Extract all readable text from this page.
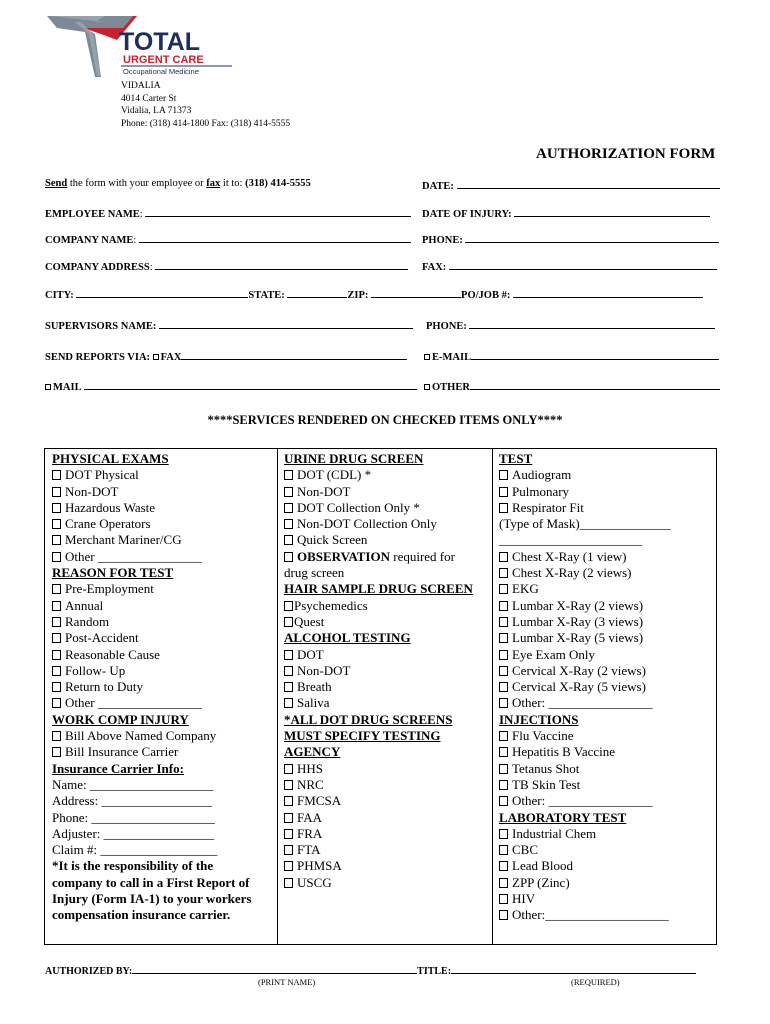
TOTAL
URGENT CARE
Occupational Medicine
VIDALIA
4014 Carter St
Vidalia, LA 71373
Phone: (318) 414-1800 Fax: (318) 414-5555
AUTHORIZATION FORM
Send the form with your employee or fax it to: (318) 414-5555	DATE:
EMPLOYEE NAME:	DATE OF INJURY:
COMPANY NAME:	PHONE:
COMPANY ADDRESS:	FAX:
CITY:	STATE:	ZIP:	PO/JOB #:
SUPERVISORS NAME:	PHONE:
SEND REPORTS VIA: FAX	E-MAIL
MAIL	OTHER
****SERVICES RENDERED ON CHECKED ITEMS ONLY****
PHYSICAL EXAMS
DOT Physical
Non-DOT
Hazardous Waste
Crane Operators
Merchant Mariner/CG
Other ________________
REASON FOR TEST
Pre-Employment
Annual
Random
Post-Accident
Reasonable Cause
Follow- Up
Return to Duty
Other ________________
WORK COMP INJURY
Bill Above Named Company
Bill Insurance Carrier
Insurance Carrier Info:
Name: ___________________
Address: _________________
Phone: ___________________
Adjuster: _________________
Claim #: __________________
*It is the responsibility of the
company to call in a First Report of
Injury (Form IA-1) to your workers
compensation insurance carrier.
URINE DRUG SCREEN
DOT (CDL) *
Non-DOT
DOT Collection Only *
Non-DOT Collection Only
Quick Screen
OBSERVATION required for
drug screen
HAIR SAMPLE DRUG SCREEN
Psychemedics
Quest
ALCOHOL TESTING
DOT
Non-DOT
Breath
Saliva
*ALL DOT DRUG SCREENS
MUST SPECIFY TESTING
AGENCY
HHS
NRC
FMCSA
FAA
FRA
FTA
PHMSA
USCG
TEST
Audiogram
Pulmonary
Respirator Fit
(Type of Mask)______________
______________________
Chest X-Ray (1 view)
Chest X-Ray (2 views)
EKG
Lumbar X-Ray (2 views)
Lumbar X-Ray (3 views)
Lumbar X-Ray (5 views)
Eye Exam Only
Cervical X-Ray (2 views)
Cervical X-Ray (5 views)
Other: ________________
INJECTIONS
Flu Vaccine
Hepatitis B Vaccine
Tetanus Shot
TB Skin Test
Other: ________________
LABORATORY TEST
Industrial Chem
CBC
Lead Blood
ZPP (Zinc)
HIV
Other:___________________
AUTHORIZED BY:	TITLE:
(PRINT NAME)	(REQUIRED)
